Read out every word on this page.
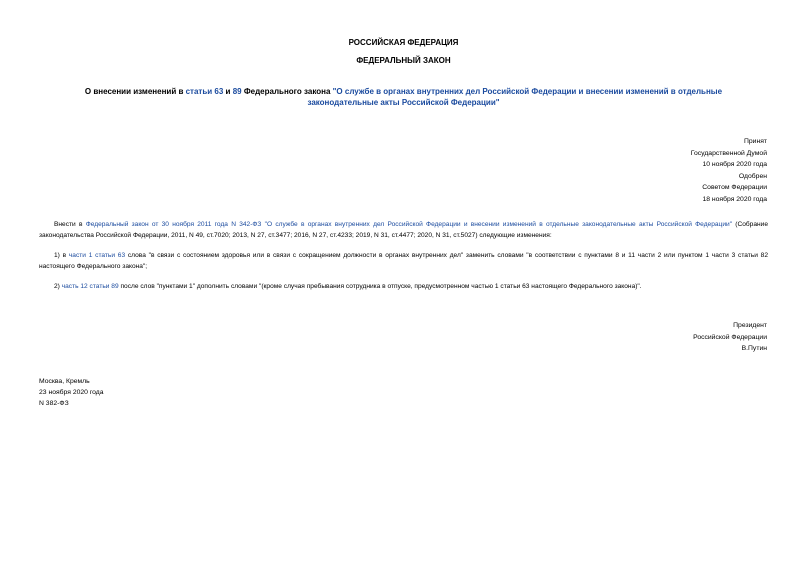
РОССИЙСКАЯ ФЕДЕРАЦИЯ
ФЕДЕРАЛЬНЫЙ ЗАКОН
О внесении изменений в статьи 63 и 89 Федерального закона "О службе в органах внутренних дел Российской Федерации и внесении изменений в отдельные законодательные акты Российской Федерации"
Принят
Государственной Думой
10 ноября 2020 года
Одобрен
Советом Федерации
18 ноября 2020 года
Внести в Федеральный закон от 30 ноября 2011 года N 342-ФЗ "О службе в органах внутренних дел Российской Федерации и внесении изменений в отдельные законодательные акты Российской Федерации" (Собрание законодательства Российской Федерации, 2011, N 49, ст.7020; 2013, N 27, ст.3477; 2016, N 27, ст.4233; 2019, N 31, ст.4477; 2020, N 31, ст.5027) следующие изменения:
1) в части 1 статьи 63 слова "в связи с состоянием здоровья или в связи с сокращением должности в органах внутренних дел" заменить словами "в соответствии с пунктами 8 и 11 части 2 или пунктом 1 части 3 статьи 82 настоящего Федерального закона";
2) часть 12 статьи 89 после слов "пунктами 1" дополнить словами "(кроме случая пребывания сотрудника в отпуске, предусмотренном частью 1 статьи 63 настоящего Федерального закона)".
Президент
Российской Федерации
В.Путин
Москва, Кремль
23 ноября 2020 года
N 382-ФЗ
